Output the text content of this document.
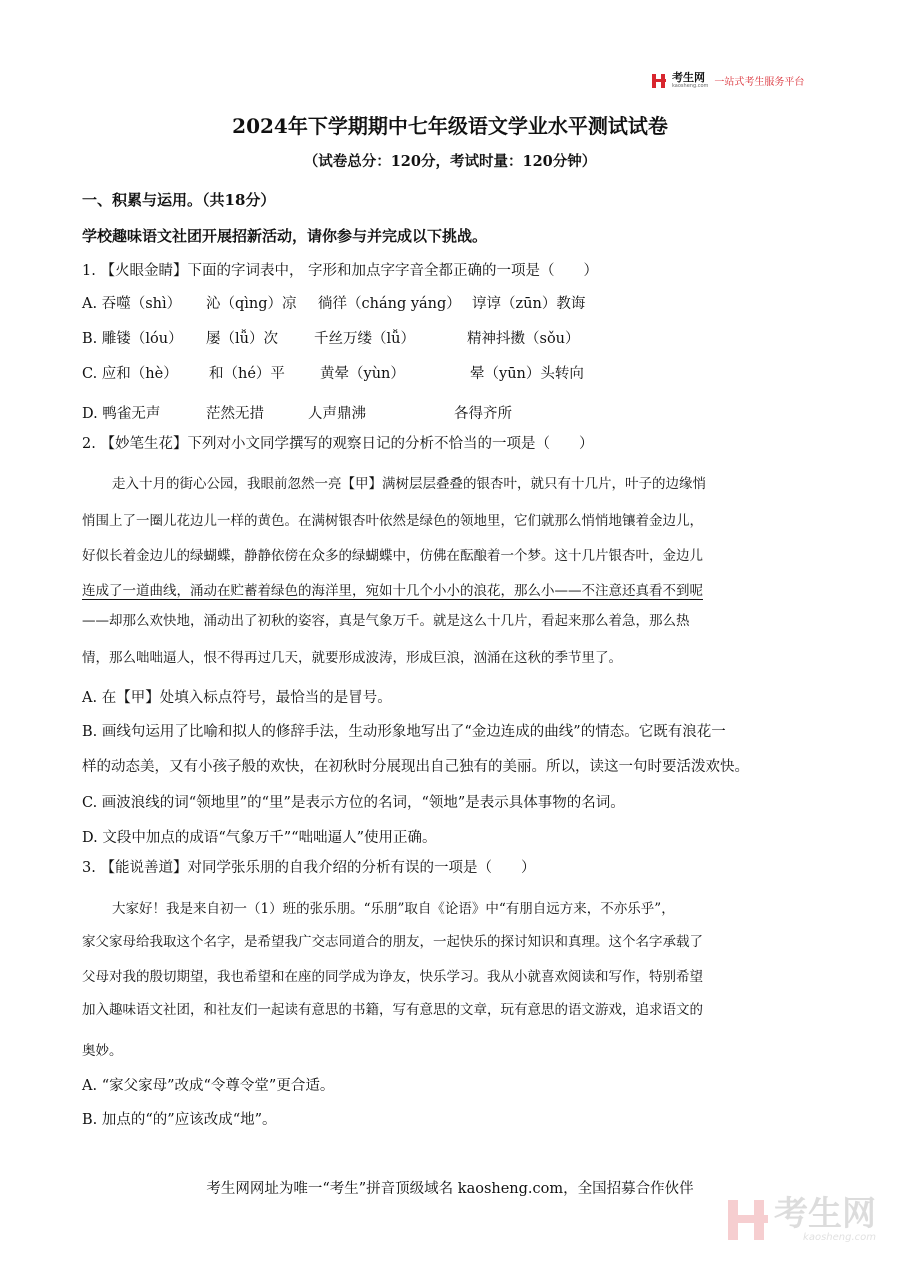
考生网
kaosheng.com 一站式考生服务平台
2024年下学期期中七年级语文学业水平测试试卷
（试卷总分：120分，考试时量：120分钟）
一、积累与运用。（共18分）
学校趣味语文社团开展招新活动，请你参与并完成以下挑战。
1. 【火眼金睛】下面的字词表中， 字形和加点字字音全都正确的一项是（　　）
A. 吞噬（shì） 沁（qìng）凉 徜徉（cháng yáng） 谆谆（zūn）教诲
B. 雕镂（lóu） 屡（lǚ）次 千丝万缕（lǚ）	精神抖擞（sǒu）
C. 应和（hè） 和（hé）平 黄晕（yùn）	晕（yūn）头转向
D. 鸭雀无声	茫然无措	人声鼎沸	各得齐所
2. 【妙笔生花】下列对小文同学撰写的观察日记的分析不恰当的一项是（　　）
走入十月的街心公园，我眼前忽然一亮【甲】满树层层叠叠的银杏叶，就只有十几片，叶子的边缘悄
悄围上了一圈儿花边儿一样的黄色。在满树银杏叶依然是绿色的领地里，它们就那么悄悄地镶着金边儿，
好似长着金边儿的绿蝴蝶，静静依傍在众多的绿蝴蝶中，仿佛在酝酿着一个梦。这十几片银杏叶，金边儿
连成了一道曲线，涌动在贮蓄着绿色的海洋里，宛如十几个小小的浪花，那么小——不注意还真看不到呢
——却那么欢快地，涌动出了初秋的姿容，真是气象万千。就是这么十几片，看起来那么着急，那么热
情，那么咄咄逼人，恨不得再过几天，就要形成波涛，形成巨浪，汹涌在这秋的季节里了。
A. 在【甲】处填入标点符号，最恰当的是冒号。
B. 画线句运用了比喻和拟人的修辞手法，生动形象地写出了“金边连成的曲线”的情态。它既有浪花一
样的动态美，又有小孩子般的欢快，在初秋时分展现出自己独有的美丽。所以，读这一句时要活泼欢快。
C. 画波浪线的词“领地里”的“里”是表示方位的名词，“领地”是表示具体事物的名词。
D. 文段中加点的成语“气象万千”“咄咄逼人”使用正确。
3. 【能说善道】对同学张乐朋的自我介绍的分析有误的一项是（　　）
大家好！我是来自初一（1）班的张乐朋。“乐朋”取自《论语》中“有朋自远方来，不亦乐乎”，
家父家母给我取这个名字，是希望我广交志同道合的朋友，一起快乐的探讨知识和真理。这个名字承载了
父母对我的殷切期望，我也希望和在座的同学成为诤友，快乐学习。我从小就喜欢阅读和写作，特别希望
加入趣味语文社团，和社友们一起读有意思的书籍，写有意思的文章，玩有意思的语文游戏，追求语文的
奥妙。
A. “家父家母”改成“令尊令堂”更合适。
B. 加点的“的”应该改成“地”。
考生网网址为唯一“考生”拼音顶级域名 kaosheng.com，全国招募合作伙伴
考生网
kaosheng.com
